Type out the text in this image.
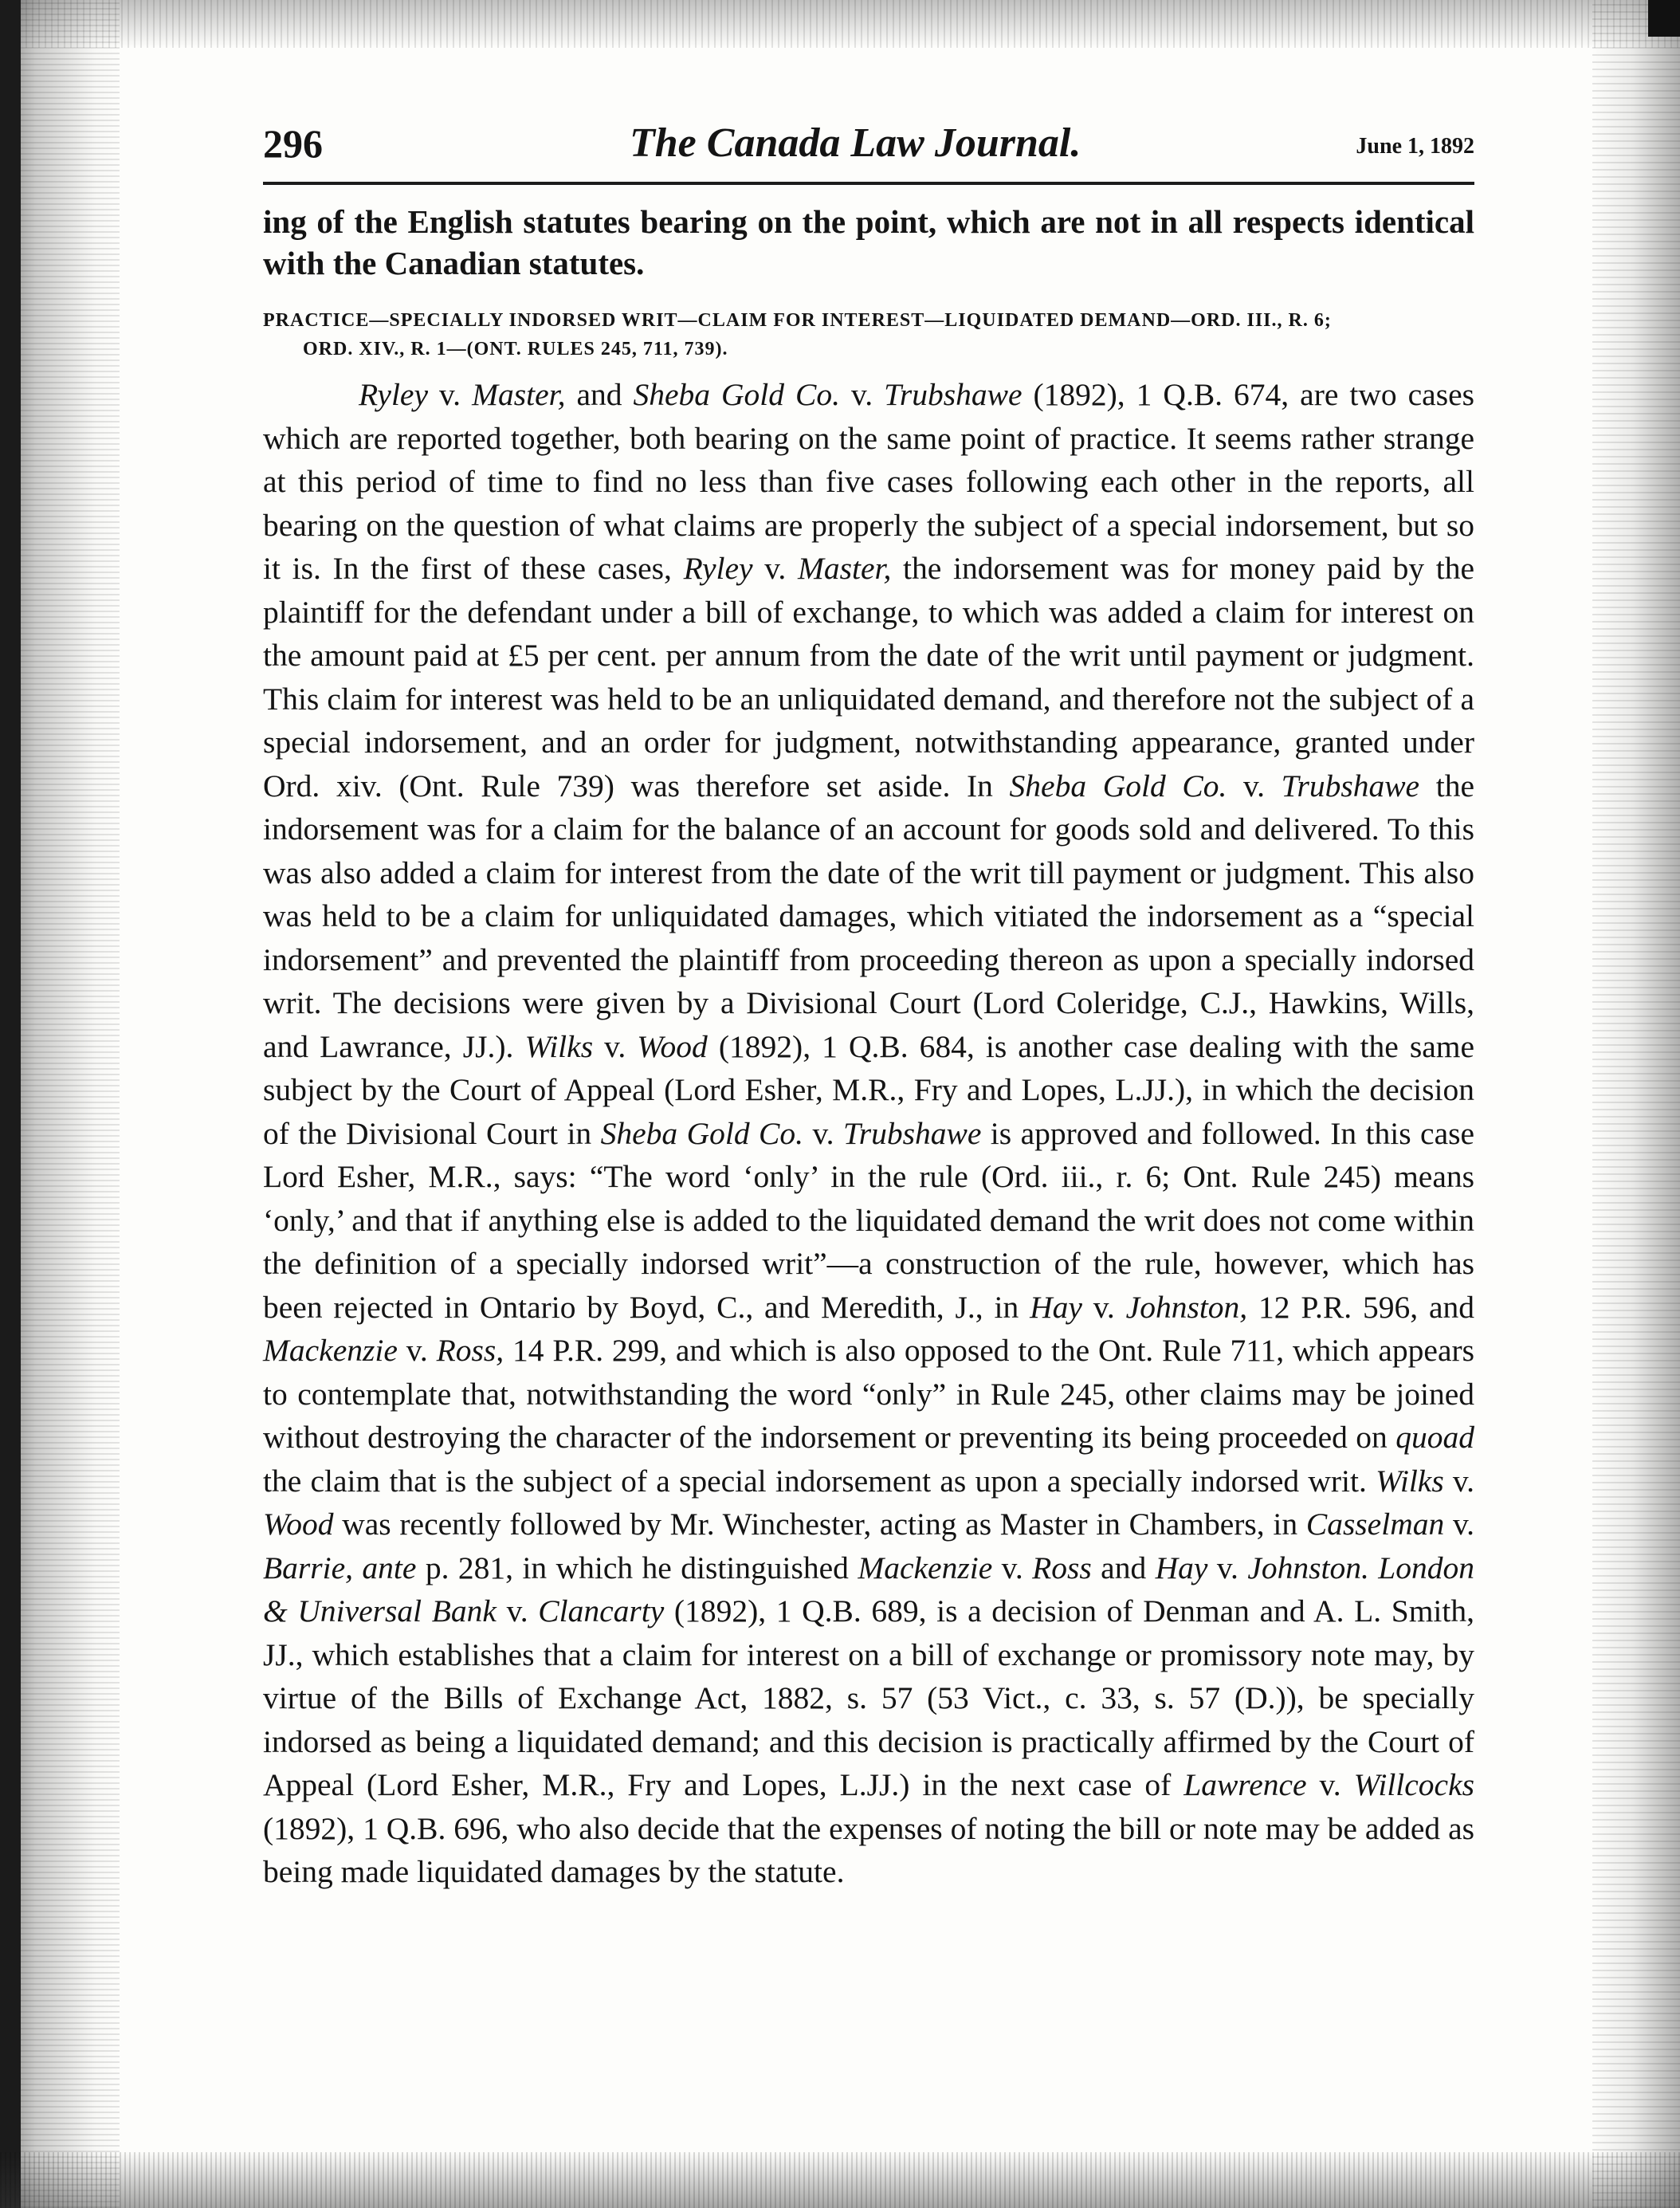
296	The Canada Law Journal.	June 1, 1892

ing of the English statutes bearing on the point, which are not in all respects identical with the Canadian statutes.

PRACTICE—SPECIALLY INDORSED WRIT—CLAIM FOR INTEREST—LIQUIDATED DEMAND—ORD. III., R. 6;
ORD. XIV., R. 1—(ONT. RULES 245, 711, 739).

Ryley v. Master, and Sheba Gold Co. v. Trubshawe (1892), 1 Q.B. 674, are two cases which are reported together, both bearing on the same point of practice. It seems rather strange at this period of time to find no less than five cases following each other in the reports, all bearing on the question of what claims are properly the subject of a special indorsement, but so it is. In the first of these cases, Ryley v. Master, the indorsement was for money paid by the plaintiff for the defendant under a bill of exchange, to which was added a claim for interest on the amount paid at £5 per cent. per annum from the date of the writ until payment or judgment. This claim for interest was held to be an unliquidated demand, and therefore not the subject of a special indorsement, and an order for judgment, notwithstanding appearance, granted under Ord. xiv. (Ont. Rule 739) was therefore set aside. In Sheba Gold Co. v. Trubshawe the indorsement was for a claim for the balance of an account for goods sold and delivered. To this was also added a claim for interest from the date of the writ till payment or judgment. This also was held to be a claim for unliquidated damages, which vitiated the indorsement as a “special indorsement” and prevented the plaintiff from proceeding thereon as upon a specially indorsed writ. The decisions were given by a Divisional Court (Lord Coleridge, C.J., Hawkins, Wills, and Lawrance, JJ.). Wilks v. Wood (1892), 1 Q.B. 684, is another case dealing with the same subject by the Court of Appeal (Lord Esher, M.R., Fry and Lopes, L.JJ.), in which the decision of the Divisional Court in Sheba Gold Co. v. Trubshawe is approved and followed. In this case Lord Esher, M.R., says: “The word ‘only’ in the rule (Ord. iii., r. 6; Ont. Rule 245) means ‘only,’ and that if anything else is added to the liquidated demand the writ does not come within the definition of a specially indorsed writ”—a construction of the rule, however, which has been rejected in Ontario by Boyd, C., and Meredith, J., in Hay v. Johnston, 12 P.R. 596, and Mackenzie v. Ross, 14 P.R. 299, and which is also opposed to the Ont. Rule 711, which appears to contemplate that, notwithstanding the word “only” in Rule 245, other claims may be joined without destroying the character of the indorsement or preventing its being proceeded on quoad the claim that is the subject of a special indorsement as upon a specially indorsed writ. Wilks v. Wood was recently followed by Mr. Winchester, acting as Master in Chambers, in Casselman v. Barrie, ante p. 281, in which he distinguished Mackenzie v. Ross and Hay v. Johnston. London & Universal Bank v. Clancarty (1892), 1 Q.B. 689, is a decision of Denman and A. L. Smith, JJ., which establishes that a claim for interest on a bill of exchange or promissory note may, by virtue of the Bills of Exchange Act, 1882, s. 57 (53 Vict., c. 33, s. 57 (D.)), be specially indorsed as being a liquidated demand; and this decision is practically affirmed by the Court of Appeal (Lord Esher, M.R., Fry and Lopes, L.JJ.) in the next case of Lawrence v. Willcocks (1892), 1 Q.B. 696, who also decide that the expenses of noting the bill or note may be added as being made liquidated damages by the statute.
